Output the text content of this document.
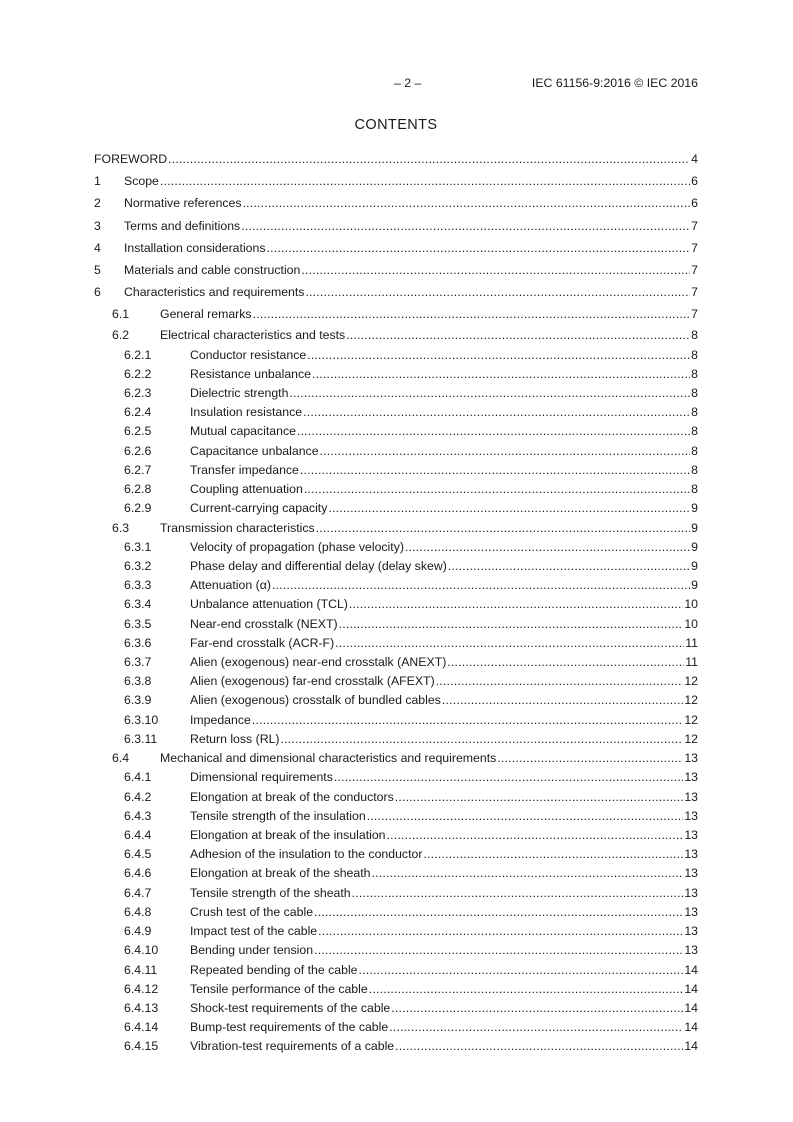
– 2 –	IEC 61156-9:2016 © IEC 2016
CONTENTS
FOREWORD .....	4
1 Scope .....	6
2 Normative references .....	6
3 Terms and definitions .....	7
4 Installation considerations .....	7
5 Materials and cable construction .....	7
6 Characteristics and requirements .....	7
6.1	General remarks .....	7
6.2	Electrical characteristics and tests .....	8
6.2.1	Conductor resistance .....	8
6.2.2	Resistance unbalance .....	8
6.2.3	Dielectric strength .....	8
6.2.4	Insulation resistance .....	8
6.2.5	Mutual capacitance .....	8
6.2.6	Capacitance unbalance .....	8
6.2.7	Transfer impedance .....	8
6.2.8	Coupling attenuation .....	8
6.2.9	Current-carrying capacity .....	9
6.3	Transmission characteristics .....	9
6.3.1	Velocity of propagation (phase velocity) .....	9
6.3.2	Phase delay and differential delay (delay skew) .....	9
6.3.3	Attenuation (α) .....	9
6.3.4	Unbalance attenuation (TCL) .....	10
6.3.5	Near-end crosstalk (NEXT) .....	10
6.3.6	Far-end crosstalk (ACR-F) .....	11
6.3.7	Alien (exogenous) near-end crosstalk (ANEXT) .....	11
6.3.8	Alien (exogenous) far-end crosstalk (AFEXT) .....	12
6.3.9	Alien (exogenous) crosstalk of bundled cables .....	12
6.3.10	Impedance .....	12
6.3.11	Return loss (RL) .....	12
6.4	Mechanical and dimensional characteristics and requirements .....	13
6.4.1	Dimensional requirements .....	13
6.4.2	Elongation at break of the conductors .....	13
6.4.3	Tensile strength of the insulation .....	13
6.4.4	Elongation at break of the insulation .....	13
6.4.5	Adhesion of the insulation to the conductor .....	13
6.4.6	Elongation at break of the sheath .....	13
6.4.7	Tensile strength of the sheath .....	13
6.4.8	Crush test of the cable .....	13
6.4.9	Impact test of the cable .....	13
6.4.10	Bending under tension .....	13
6.4.11	Repeated bending of the cable .....	14
6.4.12	Tensile performance of the cable .....	14
6.4.13	Shock-test requirements of the cable .....	14
6.4.14	Bump-test requirements of the cable .....	14
6.4.15	Vibration-test requirements of a cable .....	14
